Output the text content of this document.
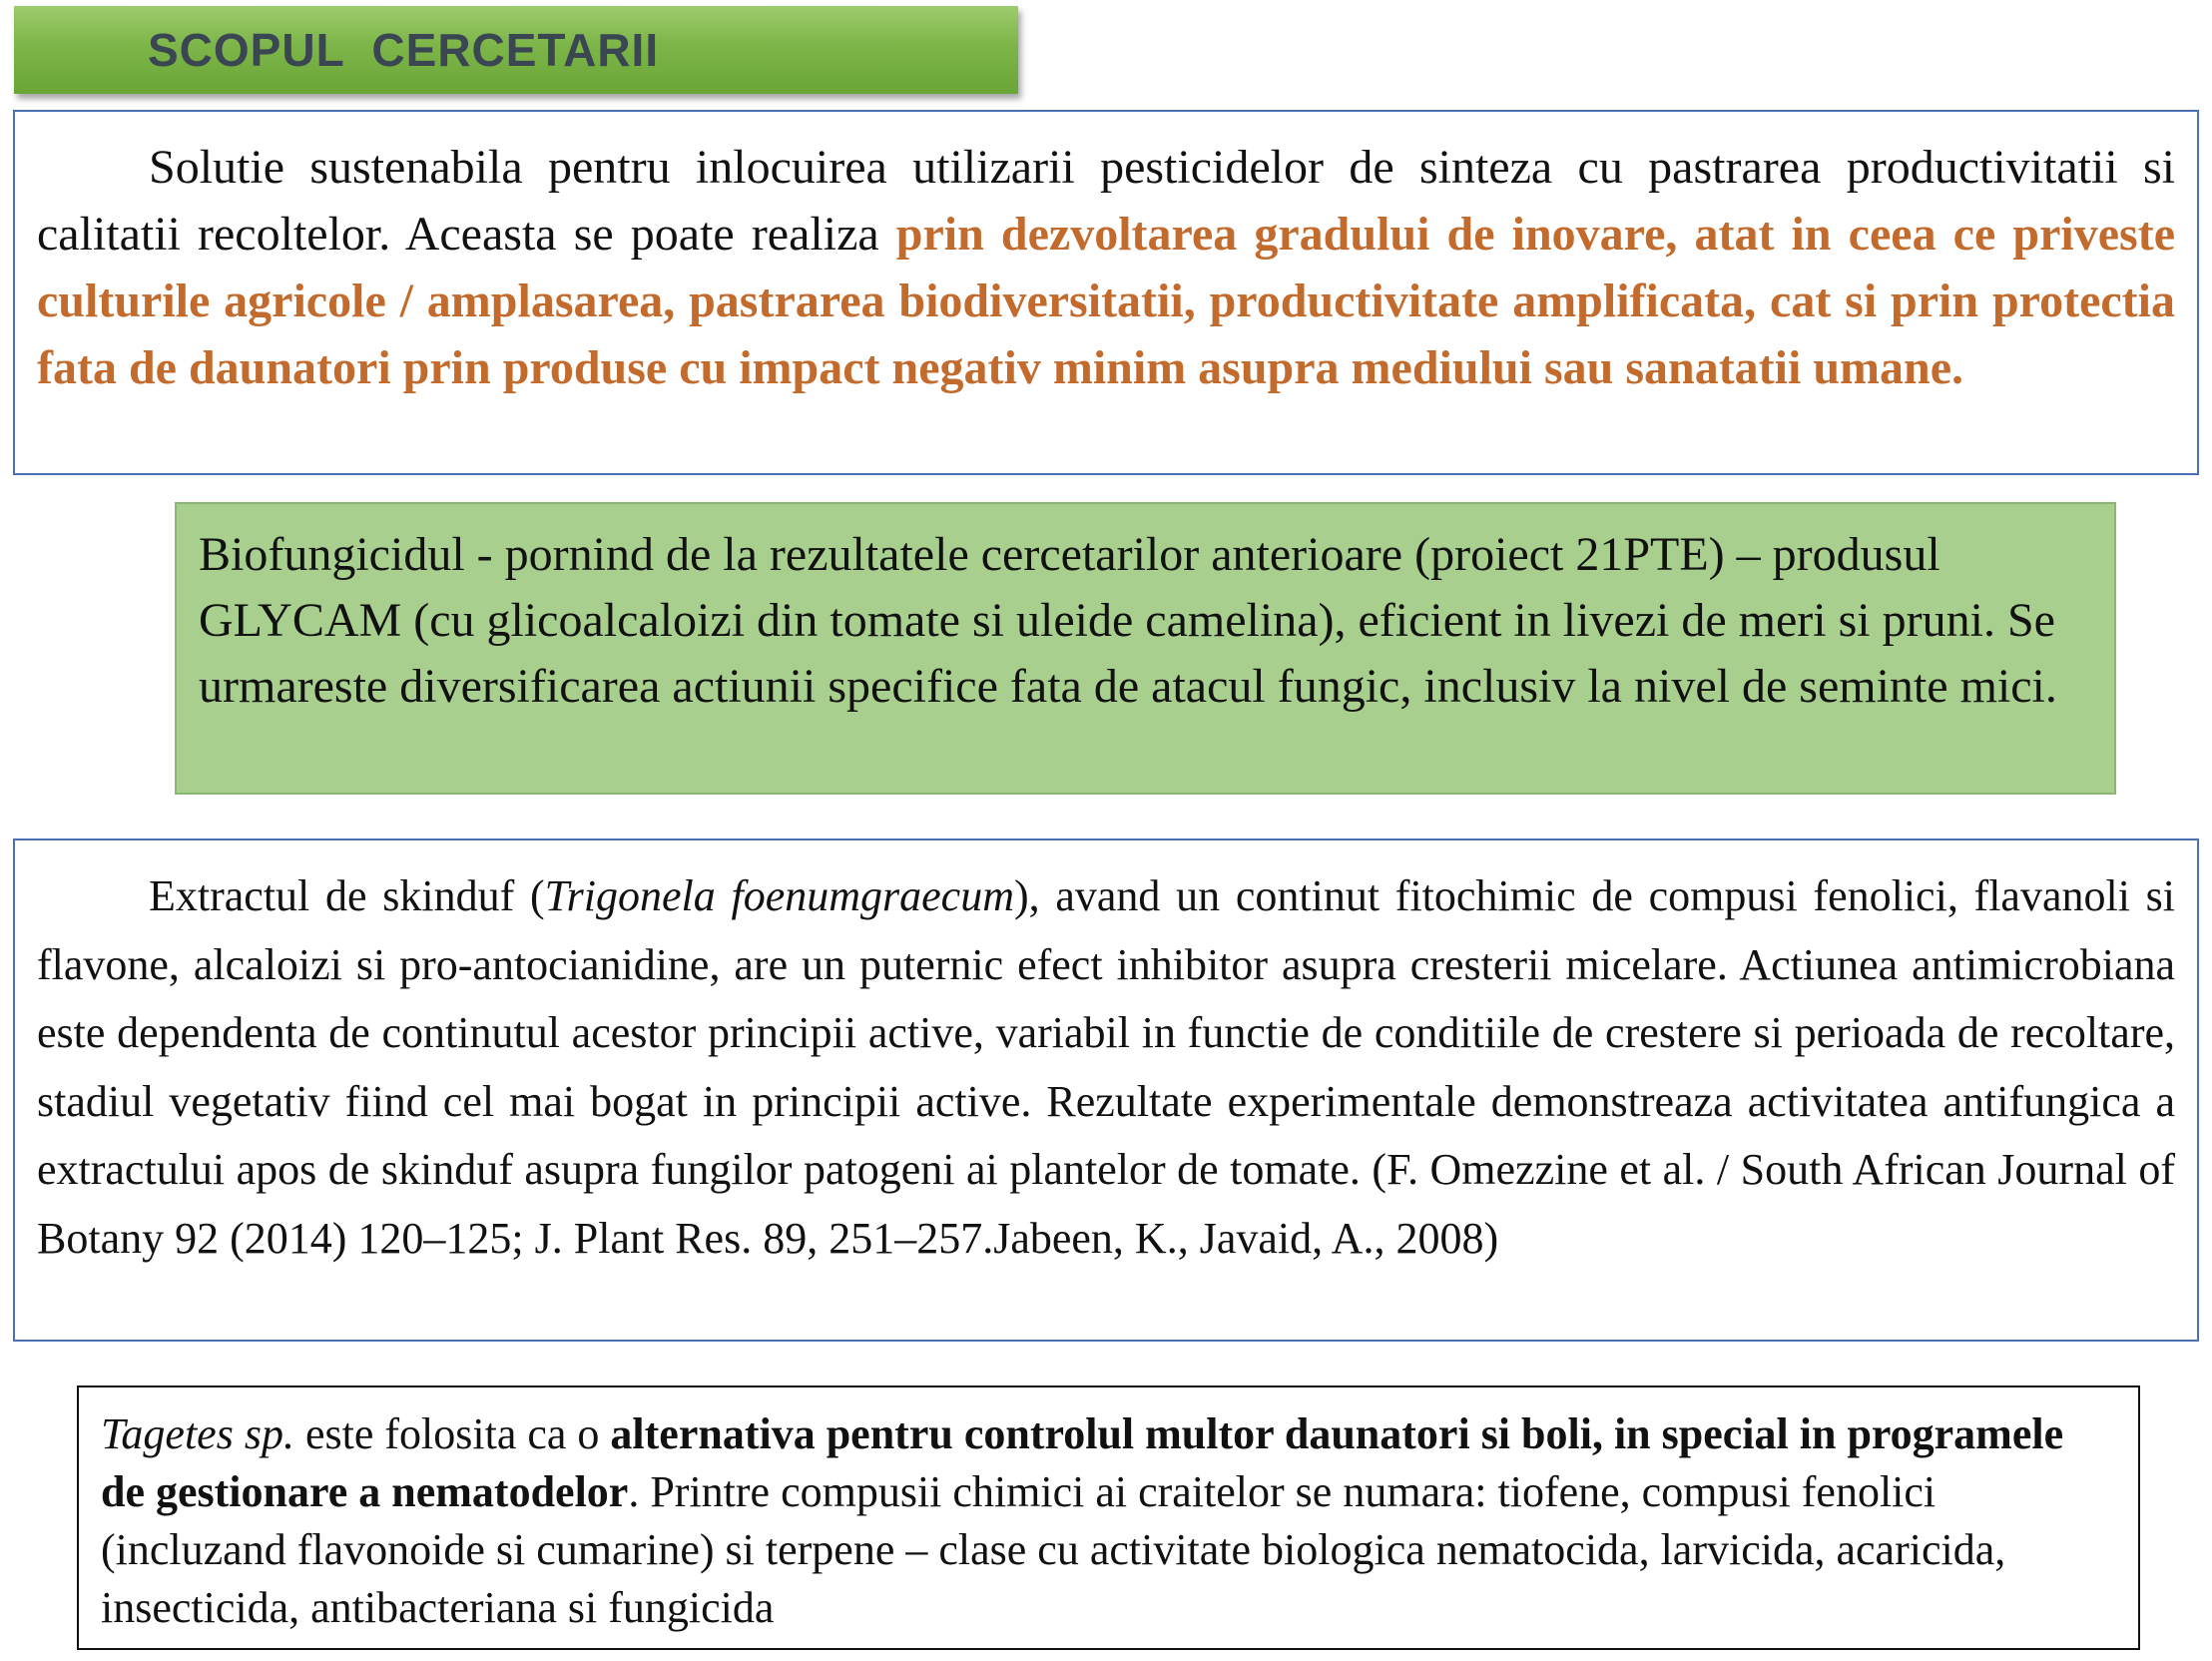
SCOPUL  CERCETARII

Solutie sustenabila pentru inlocuirea utilizarii pesticidelor de sinteza cu pastrarea productivitatii si calitatii recoltelor. Aceasta se poate realiza prin dezvoltarea gradului de inovare, atat in ceea ce priveste culturile agricole / amplasarea, pastrarea biodiversitatii, productivitate amplificata, cat si prin protectia fata de daunatori prin produse cu impact negativ minim asupra mediului sau sanatatii umane.

Biofungicidul - pornind de la rezultatele cercetarilor anterioare (proiect 21PTE) – produsul GLYCAM (cu glicoalcaloizi din tomate si uleide camelina), eficient in livezi de meri si pruni. Se urmareste diversificarea actiunii specifice fata de atacul fungic, inclusiv la nivel de seminte mici.

Extractul de skinduf (Trigonela foenumgraecum), avand un continut fitochimic de compusi fenolici, flavanoli si flavone, alcaloizi si pro-antocianidine, are un puternic efect inhibitor asupra cresterii micelare. Actiunea antimicrobiana este dependenta de continutul acestor principii active, variabil in functie de conditiile de crestere si perioada de recoltare, stadiul vegetativ fiind cel mai bogat in principii active. Rezultate experimentale demonstreaza activitatea antifungica a extractului apos de skinduf asupra fungilor patogeni ai plantelor de tomate. (F. Omezzine et al. / South African Journal of Botany 92 (2014) 120–125; J. Plant Res. 89, 251–257.Jabeen, K., Javaid, A., 2008)

Tagetes sp. este folosita ca o alternativa pentru controlul multor daunatori si boli, in special in programele de gestionare a nematodelor. Printre compusii chimici ai craitelor se numara: tiofene, compusi fenolici (incluzand flavonoide si cumarine) si terpene – clase cu activitate biologica nematocida, larvicida, acaricida, insecticida, antibacteriana si fungicida
